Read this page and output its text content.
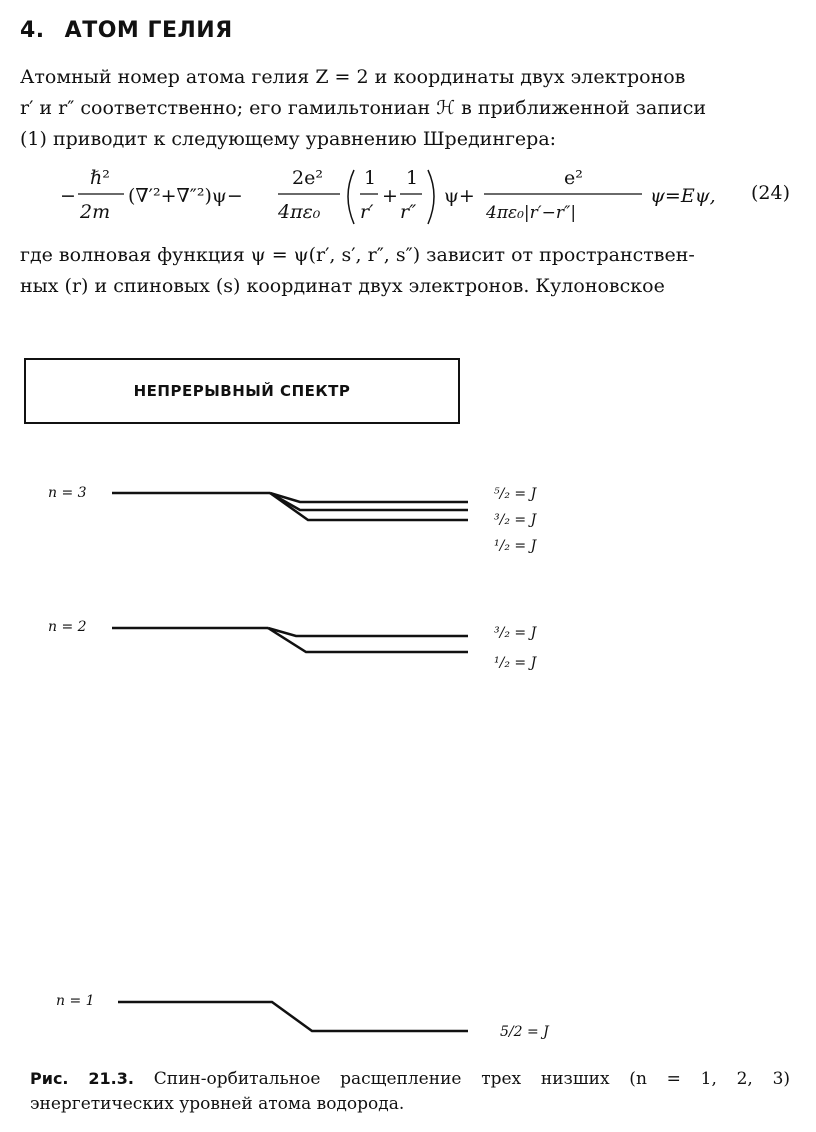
4. АТОМ ГЕЛИЯ
Атомный номер атома гелия Z = 2 и координаты двух электронов
r′ и r″ соответственно; его гамильтониан ℋ в приближенной записи
(1) приводит к следующему уравнению Шредингера:
−
ℏ²
2m
(∇′²+∇″²)ψ−
2e²
4πε₀
1
r′
+
1
r″
ψ+
e²
4πε₀|r′−r″|
ψ=Eψ, (24)
где волновая функция ψ = ψ(r′, s′, r″, s″) зависит от пространствен-
ных (r) и спиновых (s) координат двух электронов. Кулоновское
НЕПРЕРЫВНЫЙ СПЕКТР
n = 3	⁵/₂ = J
³/₂ = J
¹/₂ = J
n = 2	³/₂ = J
¹/₂ = J
n = 1
5/2 = J
Рис. 21.3. Спин-орбитальное расщепление трех низших (n = 1, 2, 3) энергетических уровней атома водорода.
